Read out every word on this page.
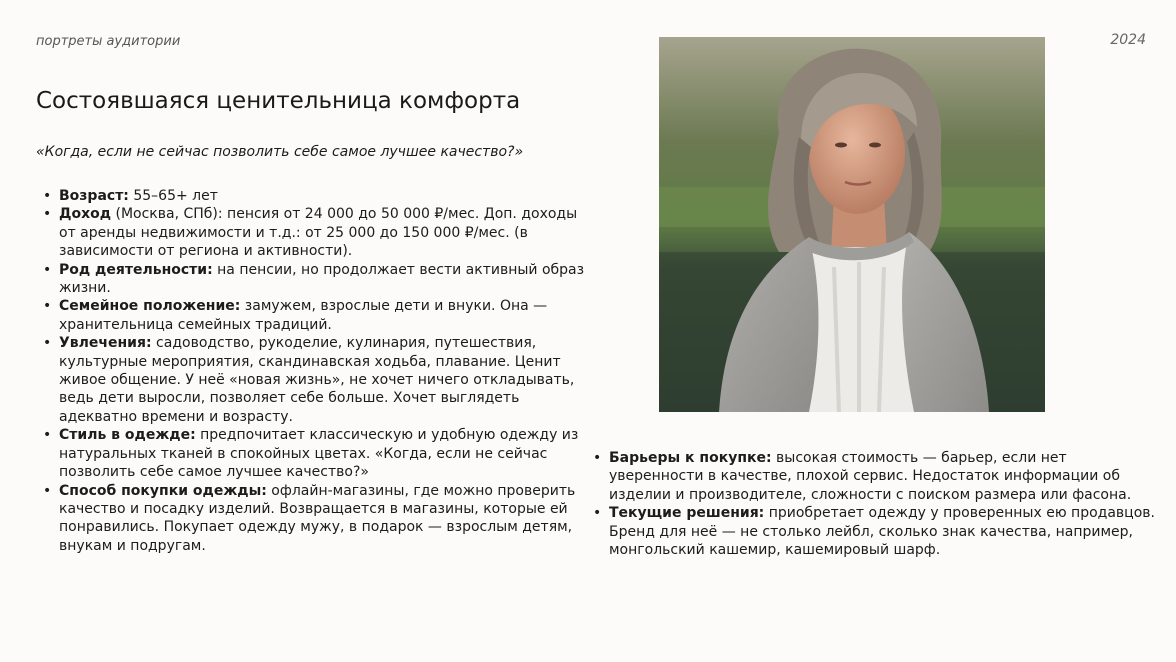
портреты аудитории	2024
Состоявшаяся ценительница комфорта
«Когда, если не сейчас позволить себе самое лучшее качество?»
• Возраст: 55–65+ лет
• Доход (Москва, СПб): пенсия от 24 000 до 50 000 ₽/мес. Доп. доходы от аренды недвижимости и т.д.: от 25 000 до 150 000 ₽/мес. (в зависимости от региона и активности).
• Род деятельности: на пенсии, но продолжает вести активный образ жизни.
• Семейное положение: замужем, взрослые дети и внуки. Она — хранительница семейных традиций.
• Увлечения: садоводство, рукоделие, кулинария, путешествия, культурные мероприятия, скандинавская ходьба, плавание. Ценит живое общение. У неё «новая жизнь», не хочет ничего откладывать, ведь дети выросли, позволяет себе больше. Хочет выглядеть адекватно времени и возрасту.
• Стиль в одежде: предпочитает классическую и удобную одежду из натуральных тканей в спокойных цветах. «Когда, если не сейчас позволить себе самое лучшее качество?»
• Способ покупки одежды: офлайн-магазины, где можно проверить качество и посадку изделий. Возвращается в магазины, которые ей понравились. Покупает одежду мужу, в подарок — взрослым детям, внукам и подругам.
• Барьеры к покупке: высокая стоимость — барьер, если нет уверенности в качестве, плохой сервис. Недостаток информации об изделии и производителе, сложности с поиском размера или фасона.
• Текущие решения: приобретает одежду у проверенных ею продавцов. Бренд для неё — не столько лейбл, сколько знак качества, например, монгольский кашемир, кашемировый шарф.
